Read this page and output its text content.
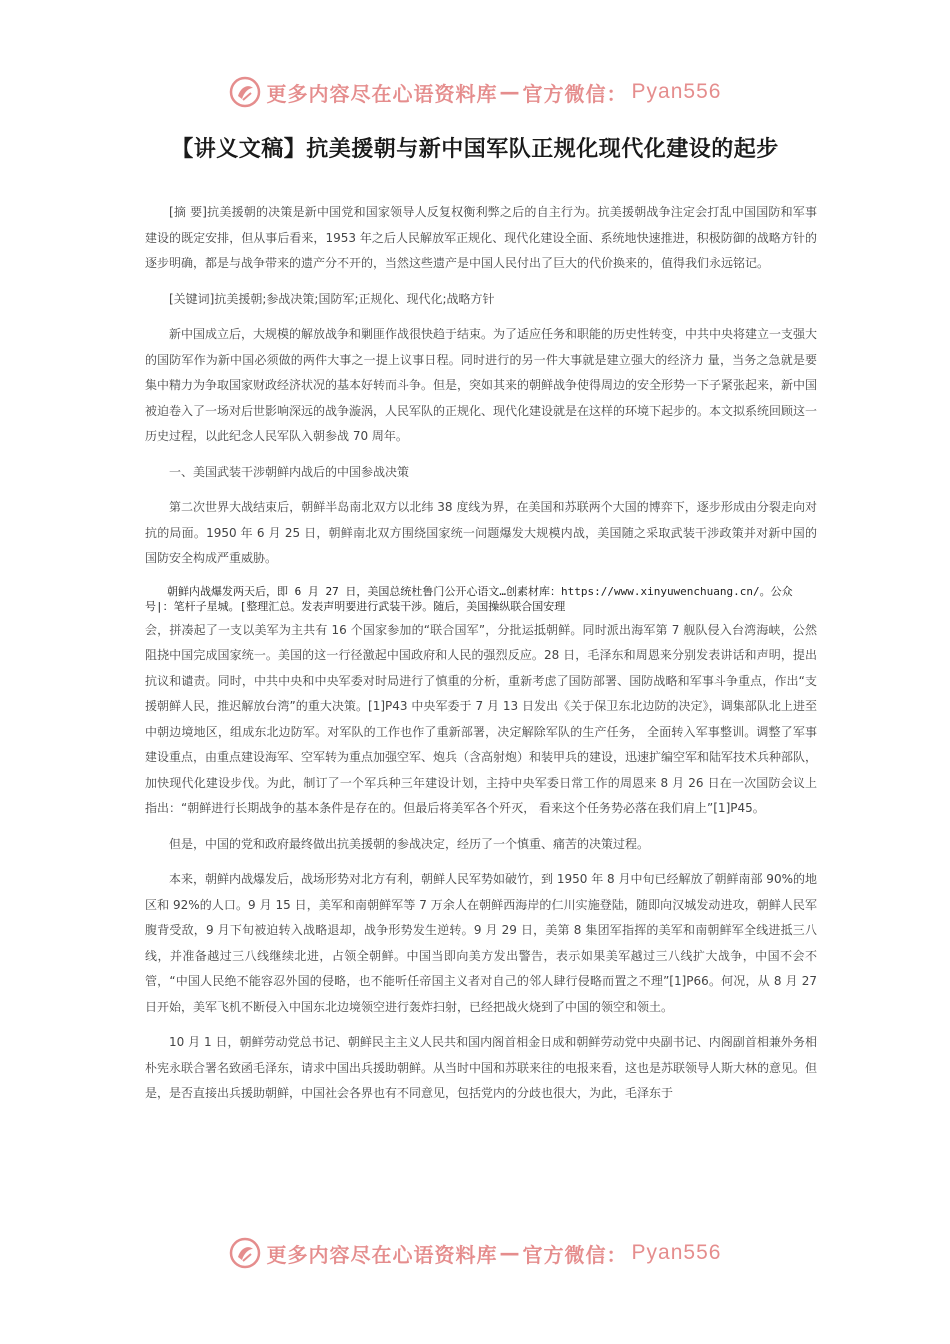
更多内容尽在心语资料库 — 官方微信： Pyan556
【讲义文稿】抗美援朝与新中国军队正规化现代化建设的起步

[摘 要]抗美援朝的决策是新中国党和国家领导人反复权衡利弊之后的自主行为。抗美援朝战争注定会打乱中国国防和军事建设的既定安排，但从事后看来，1953 年之后人民解放军正规化、现代化建设全面、系统地快速推进，积极防御的战略方针的逐步明确，都是与战争带来的遗产分不开的，当然这些遗产是中国人民付出了巨大的代价换来的，值得我们永远铭记。

[关键词]抗美援朝;参战决策;国防军;正规化、现代化;战略方针

新中国成立后，大规模的解放战争和剿匪作战很快趋于结束。为了适应任务和职能的历史性转变，中共中央将建立一支强大的国防军作为新中国必须做的两件大事之一提上议事日程。同时进行的另一件大事就是建立强大的经济力 量，当务之急就是要集中精力为争取国家财政经济状况的基本好转而斗争。但是，突如其来的朝鲜战争使得周边的安全形势一下子紧张起来，新中国被迫卷入了一场对后世影响深远的战争漩涡，人民军队的正规化、现代化建设就是在这样的环境下起步的。本文拟系统回顾这一历史过程，以此纪念人民军队入朝参战 70 周年。

一、美国武装干涉朝鲜内战后的中国参战决策

第二次世界大战结束后，朝鲜半岛南北双方以北纬 38 度线为界，在美国和苏联两个大国的博弈下，逐步形成由分裂走向对抗的局面。1950 年 6 月 25 日，朝鲜南北双方围绕国家统一问题爆发大规模内战，美国随之采取武装干涉政策并对新中国的国防安全构成严重威胁。

朝鲜内战爆发两天后，即 6 月 27 日，美国总统杜鲁门公开心语文…创素材库：https://www.xinyuwenchuang.cn/。公众号|：笔杆子星城。[整理汇总。发表声明要进行武装干涉。随后，美国操纵联合国安理

会，拼凑起了一支以美军为主共有 16 个国家参加的“联合国军”，分批运抵朝鲜。同时派出海军第 7 舰队侵入台湾海峡，公然阻挠中国完成国家统一。美国的这一行径激起中国政府和人民的强烈反应。28 日，毛泽东和周恩来分别发表讲话和声明，提出抗议和谴责。同时，中共中央和中央军委对时局进行了慎重的分析，重新考虑了国防部署、国防战略和军事斗争重点，作出“支援朝鲜人民，推迟解放台湾”的重大决策。[1]P43 中央军委于 7 月 13 日发出《关于保卫东北边防的决定》，调集部队北上进至中朝边境地区，组成东北边防军。对军队的工作也作了重新部署，决定解除军队的生产任务， 全面转入军事整训。调整了军事建设重点，由重点建设海军、空军转为重点加强空军、炮兵（含高射炮）和装甲兵的建设，迅速扩编空军和陆军技术兵种部队，加快现代化建设步伐。为此，制订了一个军兵种三年建设计划，主持中央军委日常工作的周恩来 8 月 26 日在一次国防会议上指出：“朝鲜进行长期战争的基本条件是存在的。但最后将美军各个歼灭， 看来这个任务势必落在我们肩上”[1]P45。

但是，中国的党和政府最终做出抗美援朝的参战决定，经历了一个慎重、痛苦的决策过程。

本来，朝鲜内战爆发后，战场形势对北方有利，朝鲜人民军势如破竹，到 1950 年 8 月中旬已经解放了朝鲜南部 90%的地区和 92%的人口。9 月 15 日，美军和南朝鲜军等 7 万余人在朝鲜西海岸的仁川实施登陆，随即向汉城发动进攻，朝鲜人民军腹背受敌，9 月下旬被迫转入战略退却，战争形势发生逆转。9 月 29 日，美第 8 集团军指挥的美军和南朝鲜军全线进抵三八线，并准备越过三八线继续北进，占领全朝鲜。中国当即向美方发出警告，表示如果美军越过三八线扩大战争，中国不会不管，“中国人民绝不能容忍外国的侵略，也不能听任帝国主义者对自己的邻人肆行侵略而置之不理”[1]P66。何况，从 8 月 27 日开始，美军飞机不断侵入中国东北边境领空进行轰炸扫射，已经把战火烧到了中国的领空和领土。

10 月 1 日，朝鲜劳动党总书记、朝鲜民主主义人民共和国内阁首相金日成和朝鲜劳动党中央副书记、内阁副首相兼外务相朴宪永联合署名致函毛泽东，请求中国出兵援助朝鲜。从当时中国和苏联来往的电报来看，这也是苏联领导人斯大林的意见。但是，是否直接出兵援助朝鲜，中国社会各界也有不同意见，包括党内的分歧也很大，为此，毛泽东于

更多内容尽在心语资料库 — 官方微信： Pyan556
